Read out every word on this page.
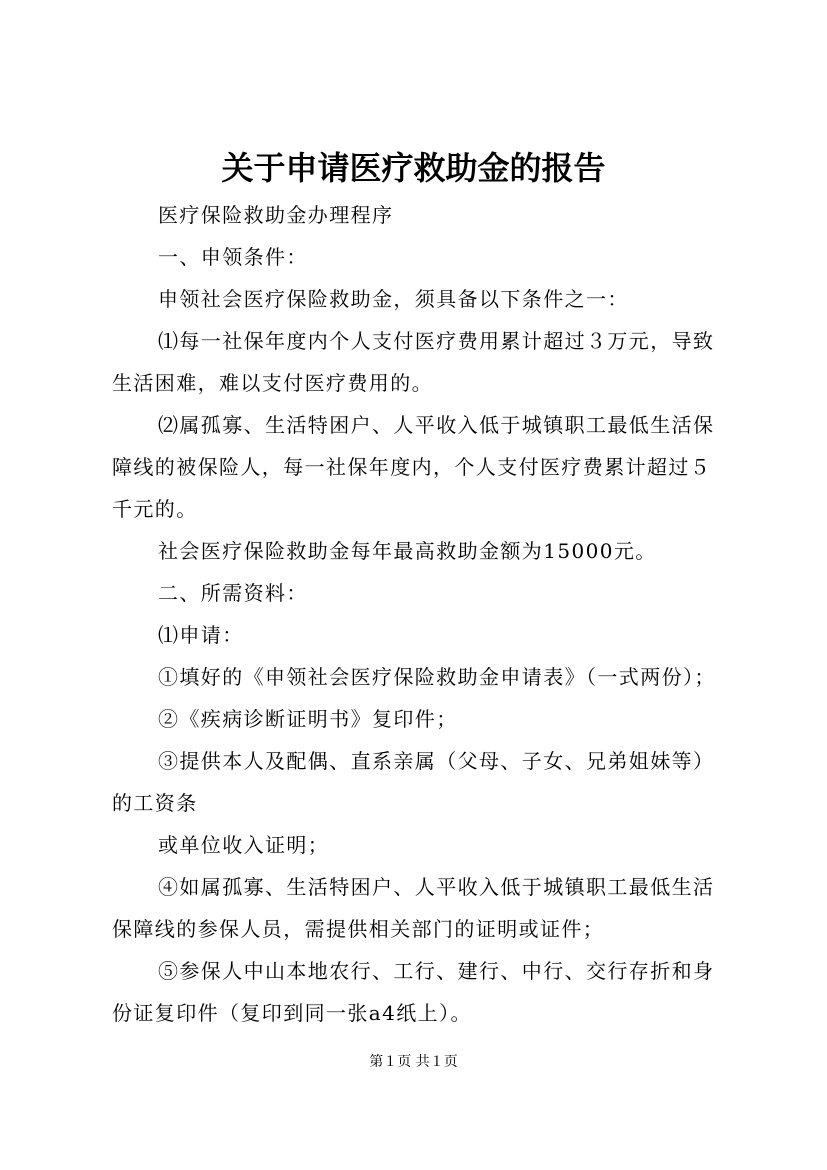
关于申请医疗救助金的报告
医疗保险救助金办理程序
一、申领条件：
申领社会医疗保险救助金，须具备以下条件之一：
⑴每一社保年度内个人支付医疗费用累计超过３万元，导致
生活困难，难以支付医疗费用的。
⑵属孤寡、生活特困户、人平收入低于城镇职工最低生活保
障线的被保险人，每一社保年度内，个人支付医疗费累计超过５
千元的。
社会医疗保险救助金每年最高救助金额为15000元。
二、所需资料：
⑴申请：
①填好的《申领社会医疗保险救助金申请表》（一式两份）；
②《疾病诊断证明书》复印件；
③提供本人及配偶、直系亲属（父母、子女、兄弟姐妹等）
的工资条
或单位收入证明；
④如属孤寡、生活特困户、人平收入低于城镇职工最低生活
保障线的参保人员，需提供相关部门的证明或证件；
⑤参保人中山本地农行、工行、建行、中行、交行存折和身
份证复印件（复印到同一张a4纸上）。
第１页 共１页
